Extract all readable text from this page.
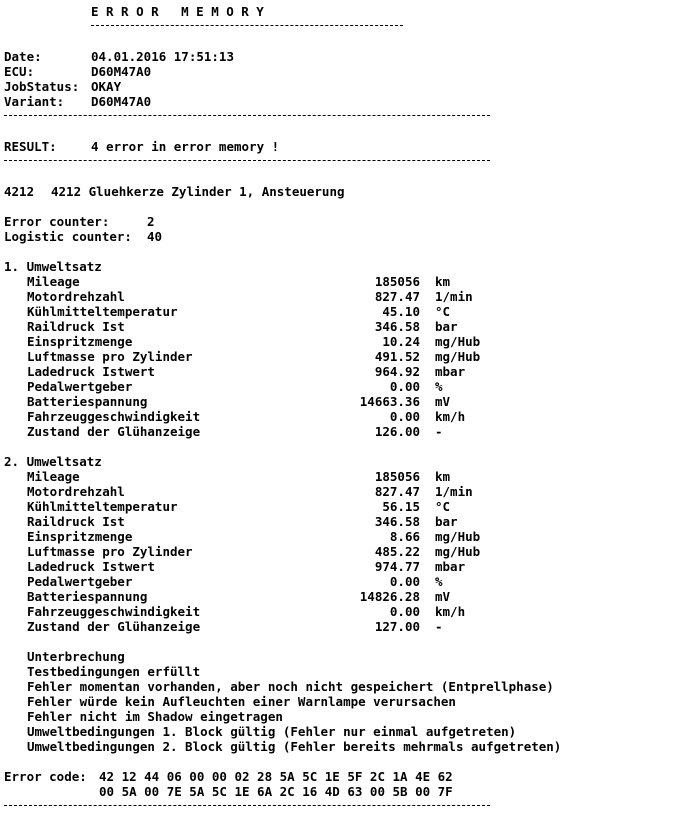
ERROR MEMORY
Date:	04.01.2016 17:51:13
ECU:	D60M47A0
JobStatus: OKAY
Variant: D60M47A0
RESULT:	4 error in error memory !
4212 4212 Gluehkerze Zylinder 1, Ansteuerung
Error counter:	2
Logistic counter: 40
1. Umweltsatz
Mileage	185056 km
Motordrehzahl	827.47 1/min
Kühlmitteltemperatur	45.10 °C
Raildruck Ist	346.58 bar
Einspritzmenge	10.24 mg/Hub
Luftmasse pro Zylinder	491.52 mg/Hub
Ladedruck Istwert	964.92 mbar
Pedalwertgeber	0.00 %
Batteriespannung	14663.36 mV
Fahrzeuggeschwindigkeit	0.00 km/h
Zustand der Glühanzeige	126.00 -
2. Umweltsatz
Mileage	185056 km
Motordrehzahl	827.47 1/min
Kühlmitteltemperatur	56.15 °C
Raildruck Ist	346.58 bar
Einspritzmenge	8.66 mg/Hub
Luftmasse pro Zylinder	485.22 mg/Hub
Ladedruck Istwert	974.77 mbar
Pedalwertgeber	0.00 %
Batteriespannung	14826.28 mV
Fahrzeuggeschwindigkeit	0.00 km/h
Zustand der Glühanzeige	127.00 -
Unterbrechung
Testbedingungen erfüllt
Fehler momentan vorhanden, aber noch nicht gespeichert (Entprellphase)
Fehler würde kein Aufleuchten einer Warnlampe verursachen
Fehler nicht im Shadow eingetragen
Umweltbedingungen 1. Block gültig (Fehler nur einmal aufgetreten)
Umweltbedingungen 2. Block gültig (Fehler bereits mehrmals aufgetreten)
Error code: 42 12 44 06 00 00 02 28 5A 5C 1E 5F 2C 1A 4E 62
00 5A 00 7E 5A 5C 1E 6A 2C 16 4D 63 00 5B 00 7F
